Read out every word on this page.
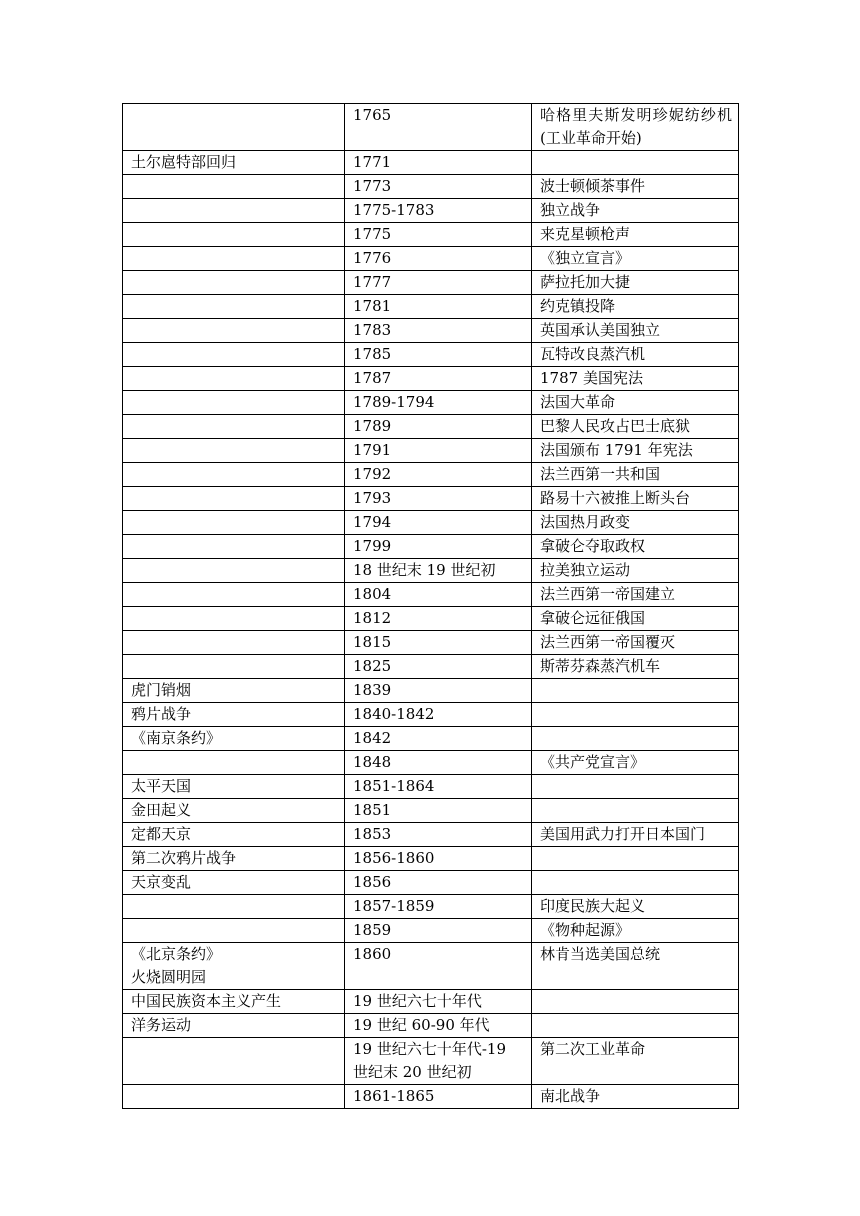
	1765	哈格里夫斯发明珍妮纺纱机(工业革命开始)

土尔扈特部回归	1771	

	1773	波士顿倾茶事件

	1775-1783	独立战争

	1775	来克星顿枪声

	1776	《独立宣言》

	1777	萨拉托加大捷

	1781	约克镇投降

	1783	英国承认美国独立

	1785	瓦特改良蒸汽机

	1787	1787 美国宪法

	1789-1794	法国大革命

	1789	巴黎人民攻占巴士底狱

	1791	法国颁布 1791 年宪法

	1792	法兰西第一共和国

	1793	路易十六被推上断头台

	1794	法国热月政变

	1799	拿破仑夺取政权

	18 世纪末 19 世纪初	拉美独立运动

	1804	法兰西第一帝国建立

	1812	拿破仑远征俄国

	1815	法兰西第一帝国覆灭

	1825	斯蒂芬森蒸汽机车

虎门销烟	1839	

鸦片战争	1840-1842	

《南京条约》	1842	

	1848	《共产党宣言》

太平天国	1851-1864	

金田起义	1851	

定都天京	1853	美国用武力打开日本国门

第二次鸦片战争	1856-1860	

天京变乱	1856	

	1857-1859	印度民族大起义

	1859	《物种起源》

《北京条约》
火烧圆明园	1860	林肯当选美国总统

中国民族资本主义产生	19 世纪六七十年代	

洋务运动	19 世纪 60-90 年代	

	19 世纪六七十年代-19 世纪末 20 世纪初	第二次工业革命

	1861-1865	南北战争
